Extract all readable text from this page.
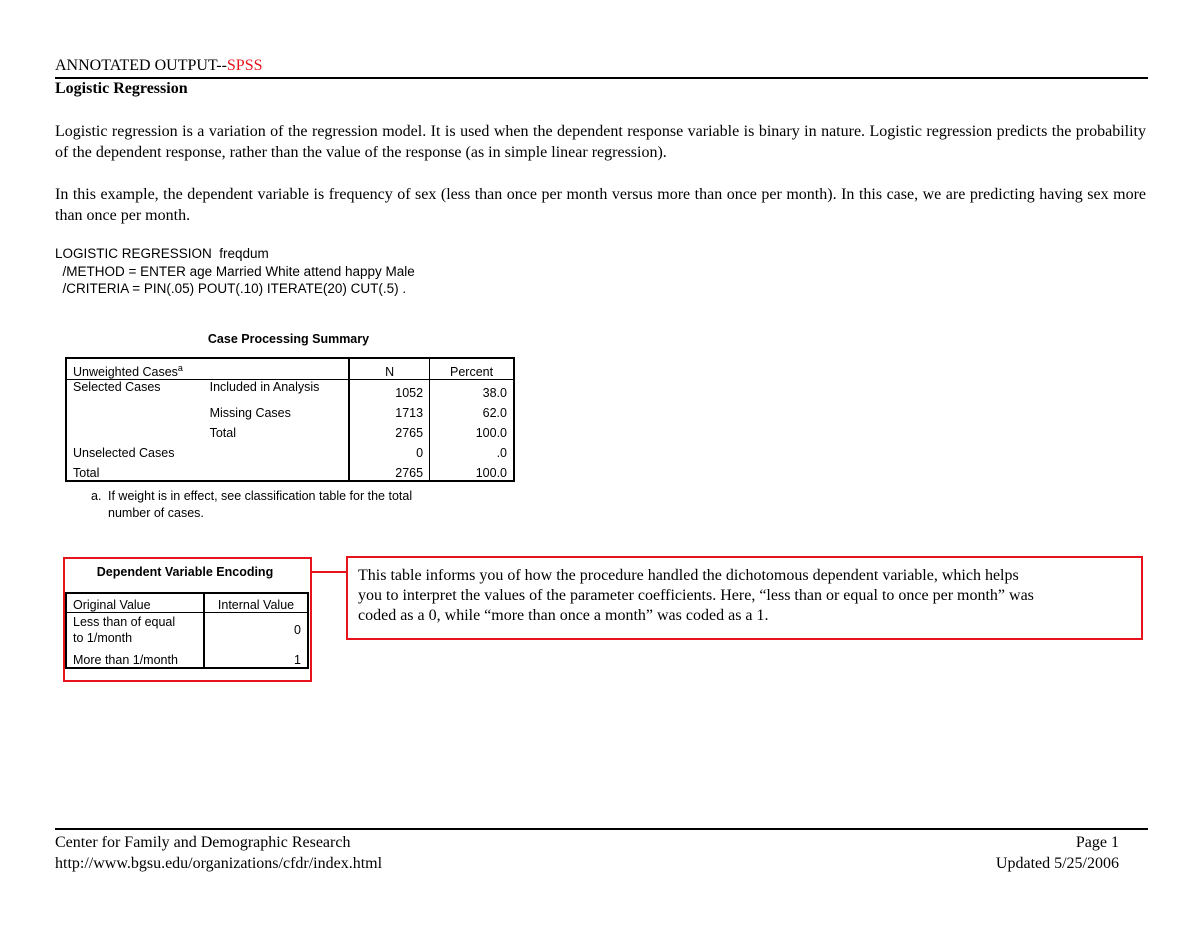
ANNOTATED OUTPUT--SPSS
Logistic Regression
Logistic regression is a variation of the regression model. It is used when the dependent response variable is binary in nature. Logistic regression predicts the probability of the dependent response, rather than the value of the response (as in simple linear regression).
In this example, the dependent variable is frequency of sex (less than once per month versus more than once per month). In this case, we are predicting having sex more than once per month.
LOGISTIC REGRESSION  freqdum
/METHOD = ENTER age Married White attend happy Male
/CRITERIA = PIN(.05) POUT(.10) ITERATE(20) CUT(.5) .
Case Processing Summary
Unweighted Cases$^a$		N	Percent
Selected Cases	Included in Analysis	1052	38.0
	Missing Cases	1713	62.0
	Total	2765	100.0
Unselected Cases		0	.0
Total		2765	100.0
a. If weight is in effect, see classification table for the total
number of cases.
Dependent Variable Encoding
Original Value	Internal Value

Less than of equal
to 1/month	0
More than 1/month	1
This table informs you of how the procedure handled the dichotomous dependent variable, which helps
you to interpret the values of the parameter coefficients. Here, “less than or equal to once per month” was
coded as a 0, while “more than once a month” was coded as a 1.
Center for Family and Demographic Research
http://www.bgsu.edu/organizations/cfdr/index.html
Page 1
Updated 5/25/2006
